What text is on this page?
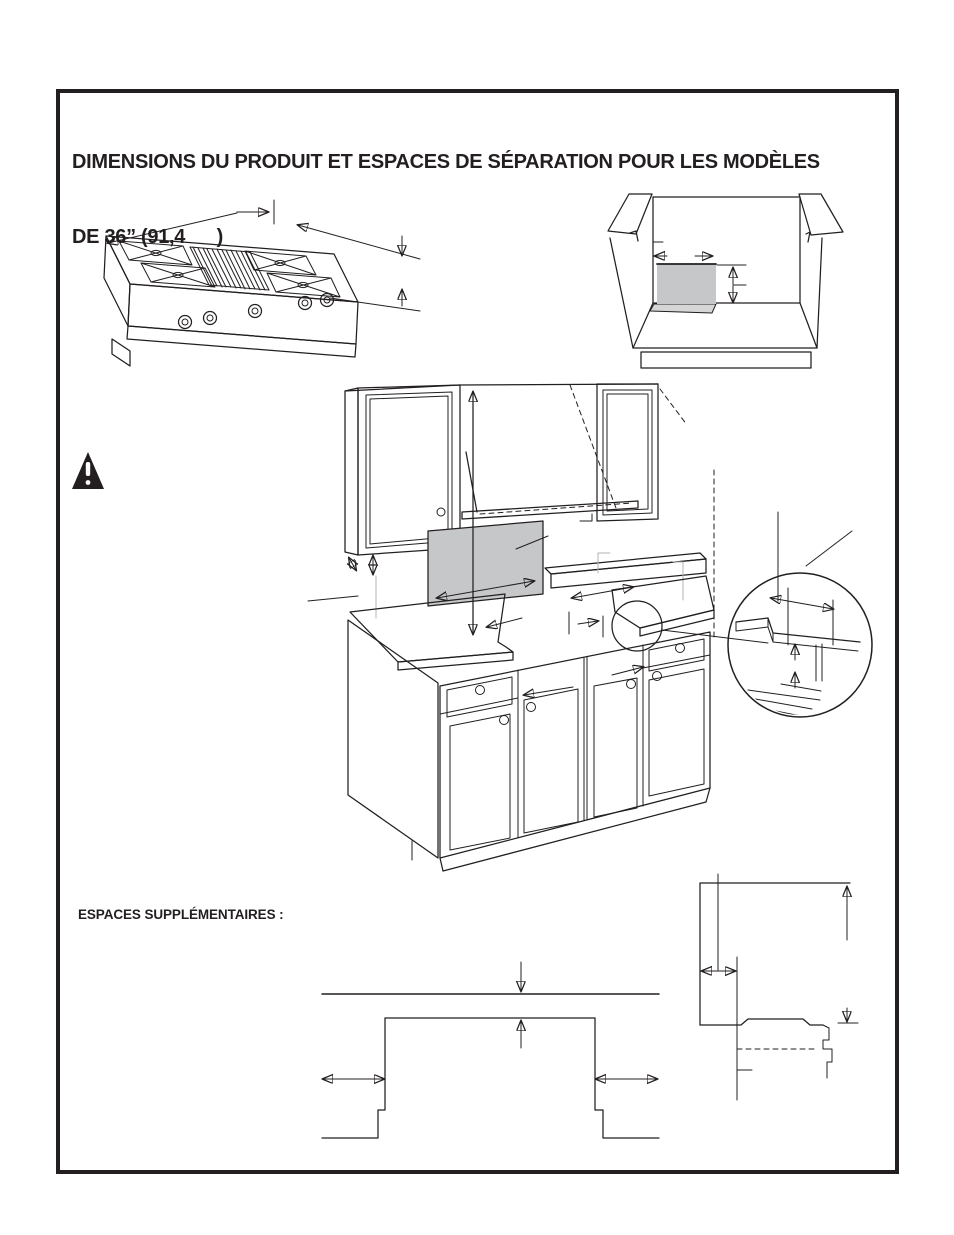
DIMENSIONS DU PRODUIT ET ESPACES DE SÉPARATION POUR LES MODÈLES

DE 36” (91,4      )

ESPACES SUPPLÉMENTAIRES :
